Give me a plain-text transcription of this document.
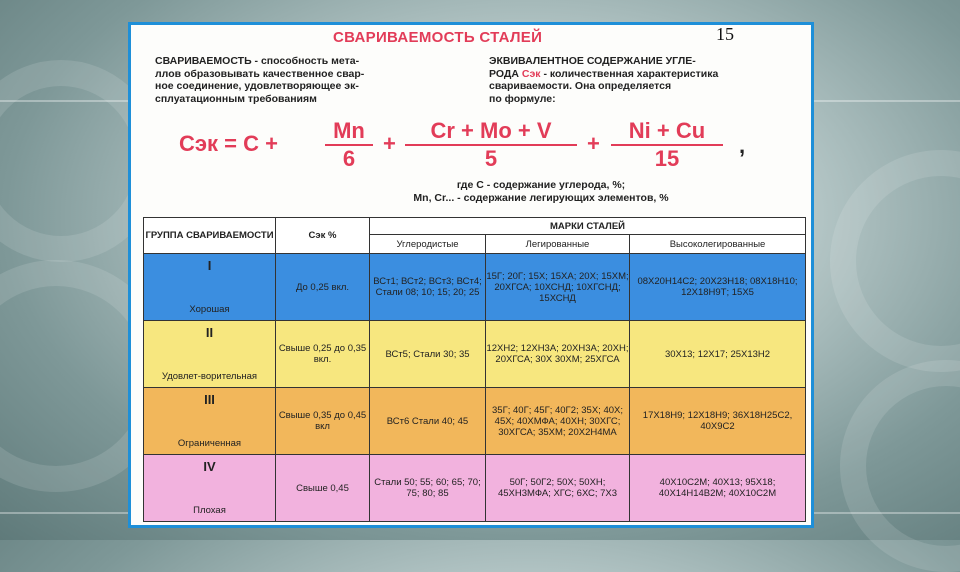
СВАРИВАЕМОСТЬ СТАЛЕЙ
СВАРИВАЕМОСТЬ - способность мета-
ллов образовывать качественное свар-
ное соединение, удовлетворяющее эк-
сплуатационным требованиям
ЭКВИВАЛЕНТНОЕ СОДЕРЖАНИЕ УГЛЕ-
РОДА Сэк - количественная характеристика свариваемости. Она определяется
по формуле:
Сэк = С +
Mn
6
+
Cr + Mo + V
5
+
Ni + Cu
15
,
где С - содержание углерода, %;
Mn, Cr... - содержание легирующих элементов, %
ГРУППА СВАРИВАЕМОСТИ	Сэк %	МАРКИ СТАЛЕЙ		
		Углеродистые	Легированные	Высоколегированные

I
Хорошая	До 0,25 вкл.	ВСт1; ВСт2; ВСт3; ВСт4; Стали 08; 10; 15; 20; 25	15Г; 20Г; 15Х; 15ХА; 20Х; 15ХМ; 20ХГСА; 10ХСНД; 10ХГСНД; 15ХСНД	08Х20Н14С2; 20Х23Н18; 08Х18Н10; 12Х18Н9Т; 15Х5

II
Удовлет-ворительная	Свыше 0,25 до 0,35 вкл.	ВСт5; Стали 30; 35	12ХН2; 12ХН3А; 20ХН3А; 20ХН; 20ХГСА; 30Х 30ХМ; 25ХГСА	30Х13; 12Х17; 25Х13Н2

III
Ограниченная	Свыше 0,35 до 0,45 вкл	ВСт6 Стали 40; 45	35Г; 40Г; 45Г; 40Г2; 35Х; 40Х; 45Х; 40ХМФА; 40ХН; 30ХГС; 30ХГСА; 35ХМ; 20Х2Н4МА	17Х18Н9; 12Х18Н9; 36Х18Н25С2, 40Х9С2

IV
Плохая	Свыше 0,45	Стали 50; 55; 60; 65; 70; 75; 80; 85	50Г; 50Г2; 50Х; 50ХН; 45ХН3МФА; ХГС; 6ХС; 7Х3	40Х10С2М; 40Х13; 95Х18; 40Х14Н14В2М; 40Х10С2М
15
